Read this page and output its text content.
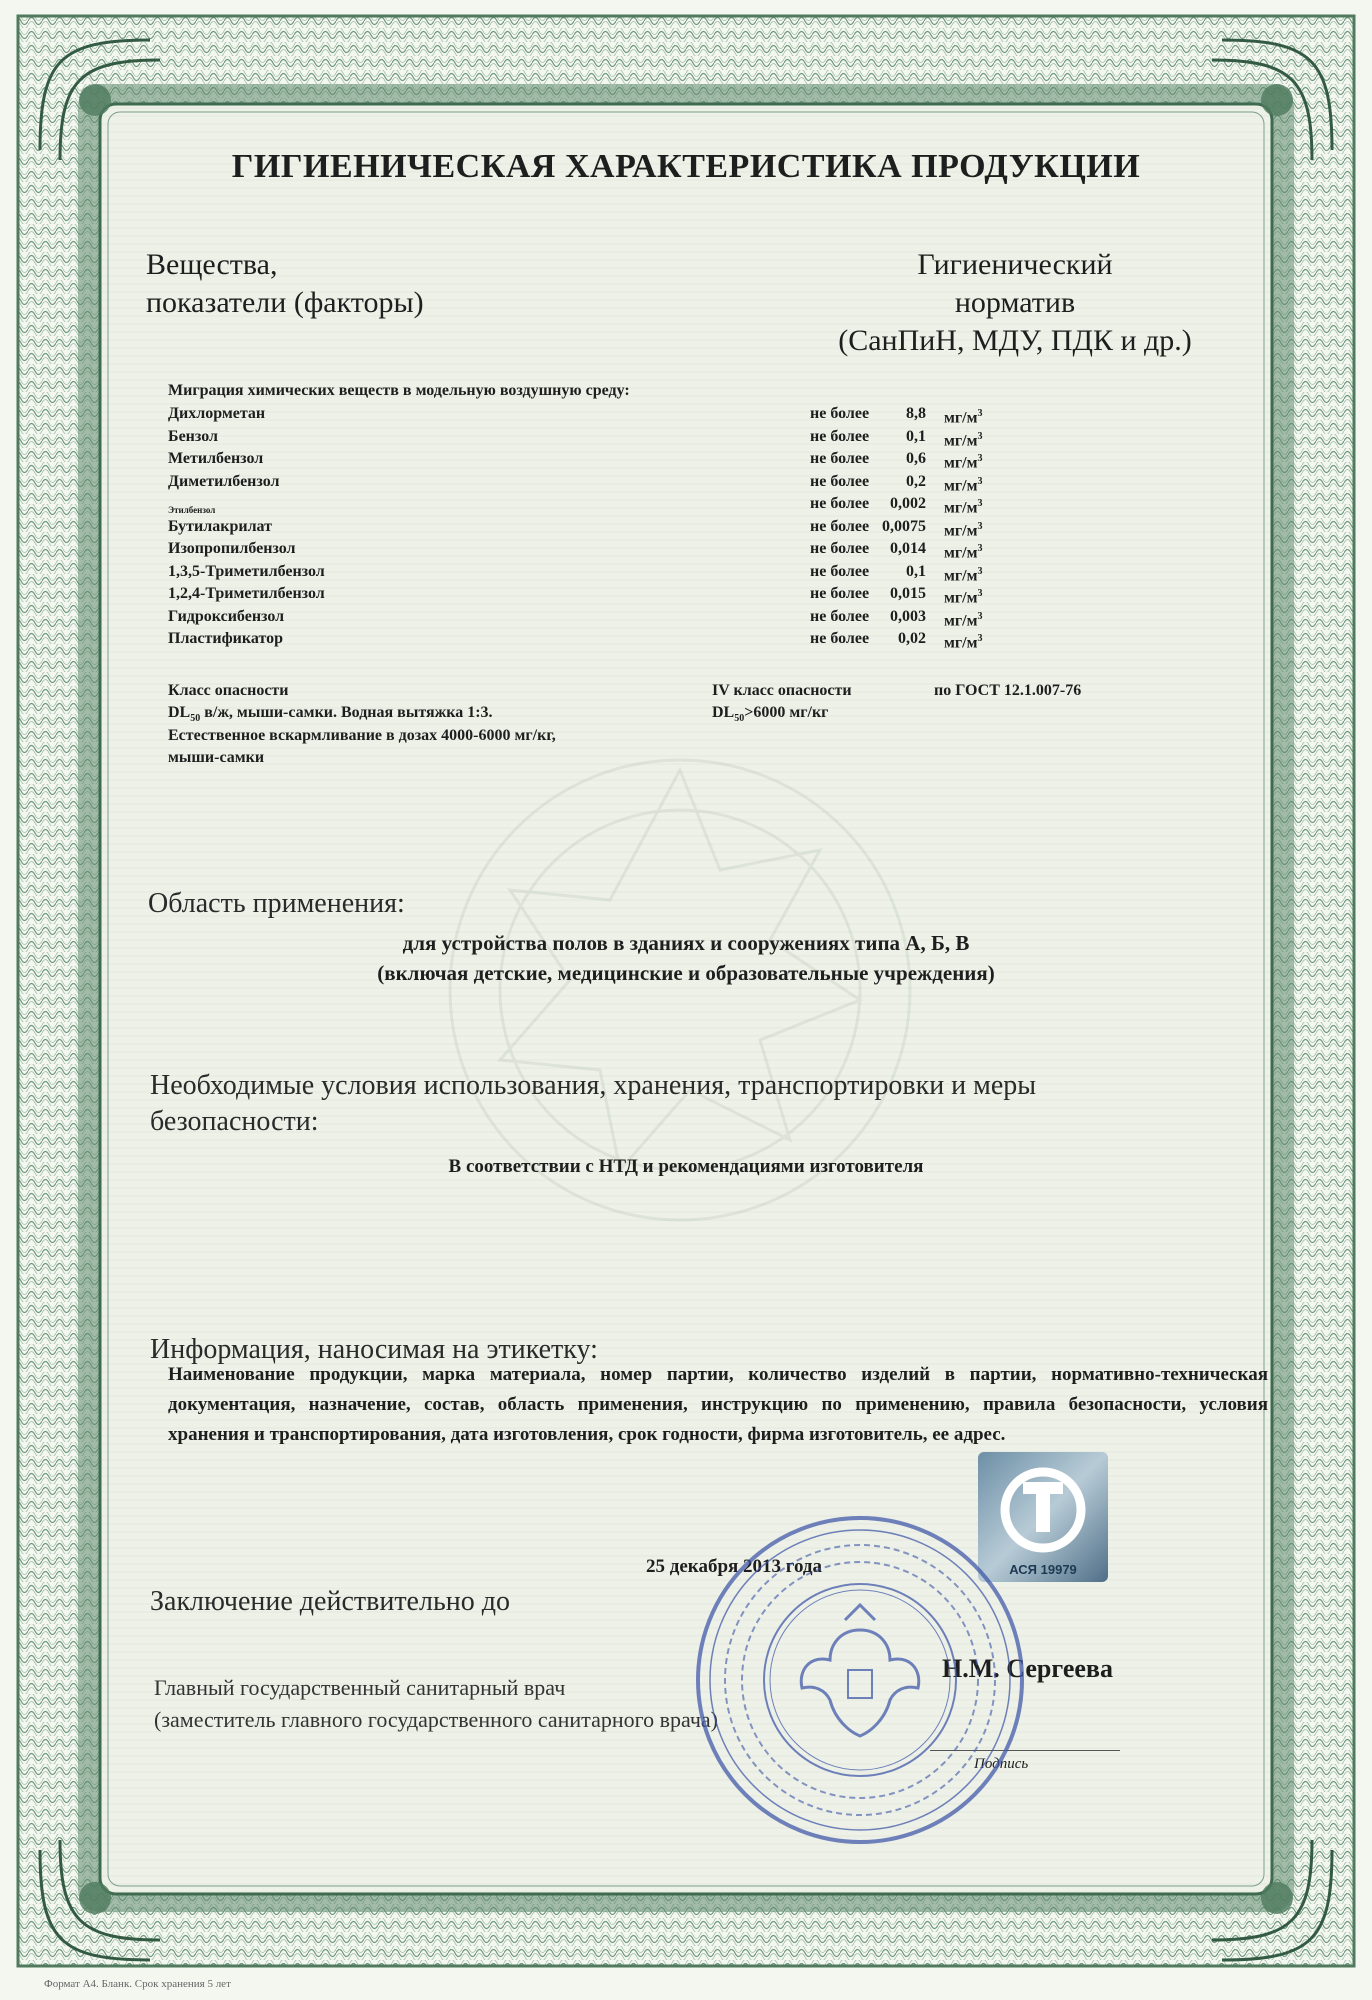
ГИГИЕНИЧЕСКАЯ ХАРАКТЕРИСТИКА ПРОДУКЦИИ
Вещества,
показатели (факторы)
Гигиенический
норматив
(СанПиН, МДУ, ПДК и др.)
Миграция химических веществ в модельную воздушную среду:
Дихлорметан	не более 8,8 $мг/м^3$
Бензол	не более 0,1 $мг/м^3$
Метилбензол	не более 0,6 $мг/м^3$
Диметилбензол	не более 0,2 $мг/м^3$
Этилбензол	не более 0,002 $мг/м^3$
Бутилакрилат	не более 0,0075 $мг/м^3$
Изопропилбензол	не более 0,014 $мг/м^3$
1,3,5-Триметилбензол	не более 0,1 $мг/м^3$
1,2,4-Триметилбензол	не более 0,015 $мг/м^3$
Гидроксибензол	не более 0,003 $мг/м^3$
Пластификатор	не более 0,02 $мг/м^3$
Класс опасности	IV класс опасности	по ГОСТ 12.1.007-76
$DL_{50}$ в/ж, мыши-самки. Водная вытяжка 1:3.	$DL_{50}>6000$ мг/кг
Естественное вскармливание в дозах 4000-6000 мг/кг,
мыши-самки
Область применения:
для устройства полов в зданиях и сооружениях типа А, Б, В
(включая детские, медицинские и образовательные учреждения)
Необходимые условия использования, хранения, транспортировки и меры
безопасности:
В соответствии с НТД и рекомендациями изготовителя
Информация, наносимая на этикетку:
Наименование продукции, марка материала, номер партии, количество изделий в партии, нормативно-техническая документация, назначение, состав, область применения, инструкцию по применению, правила безопасности, условия хранения и транспортирования, дата изготовления, срок годности, фирма изготовитель, ее адрес.
АСЯ 19979
Заключение действительно до
25 декабря 2013 года
Главный государственный санитарный врач
(заместитель главного государственного санитарного врача)
Н.М. Сергеева
Подпись
Формат А4. Бланк. Срок хранения 5 лет
